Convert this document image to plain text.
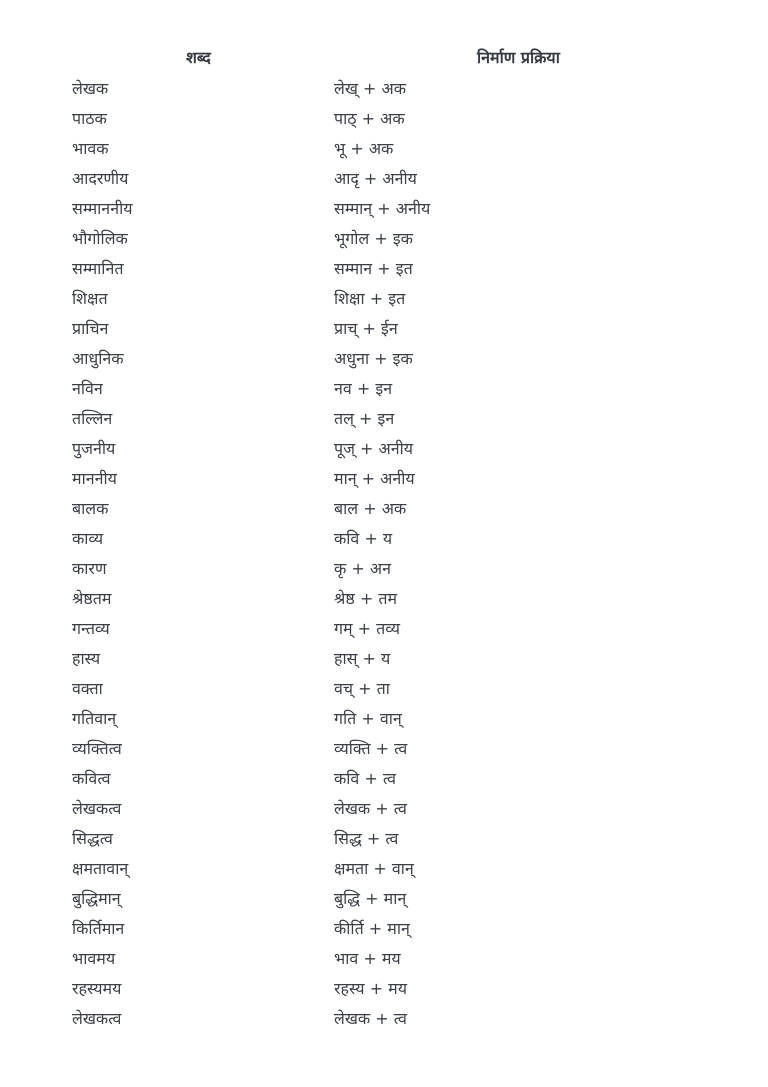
शब्द	निर्माण प्रक्रिया
लेखक	लेख् + अक
पाठक	पाठ् + अक
भावक	भू + अक
आदरणीय	आदृ + अनीय
सम्माननीय	सम्मान् + अनीय
भौगोलिक	भूगोल + इक
सम्मानित	सम्मान + इत
शिक्षत	शिक्षा + इत
प्राचिन	प्राच् + ईन
आधुनिक	अधुना + इक
नविन	नव + इन
तल्लिन	तल् + इन
पुजनीय	पूज् + अनीय
माननीय	मान् + अनीय
बालक	बाल + अक
काव्य	कवि + य
कारण	कृ + अन
श्रेष्ठतम	श्रेष्ठ + तम
गन्तव्य	गम् + तव्य
हास्य	हास् + य
वक्ता	वच् + ता
गतिवान्	गति + वान्
व्यक्तित्व	व्यक्ति + त्व
कवित्व	कवि + त्व
लेखकत्व	लेखक + त्व
सिद्धत्व	सिद्ध + त्व
क्षमतावान्	क्षमता + वान्
बुद्धिमान्	बुद्धि + मान्
किर्तिमान	कीर्ति + मान्
भावमय	भाव + मय
रहस्यमय	रहस्य + मय
लेखकत्व	लेखक + त्व
